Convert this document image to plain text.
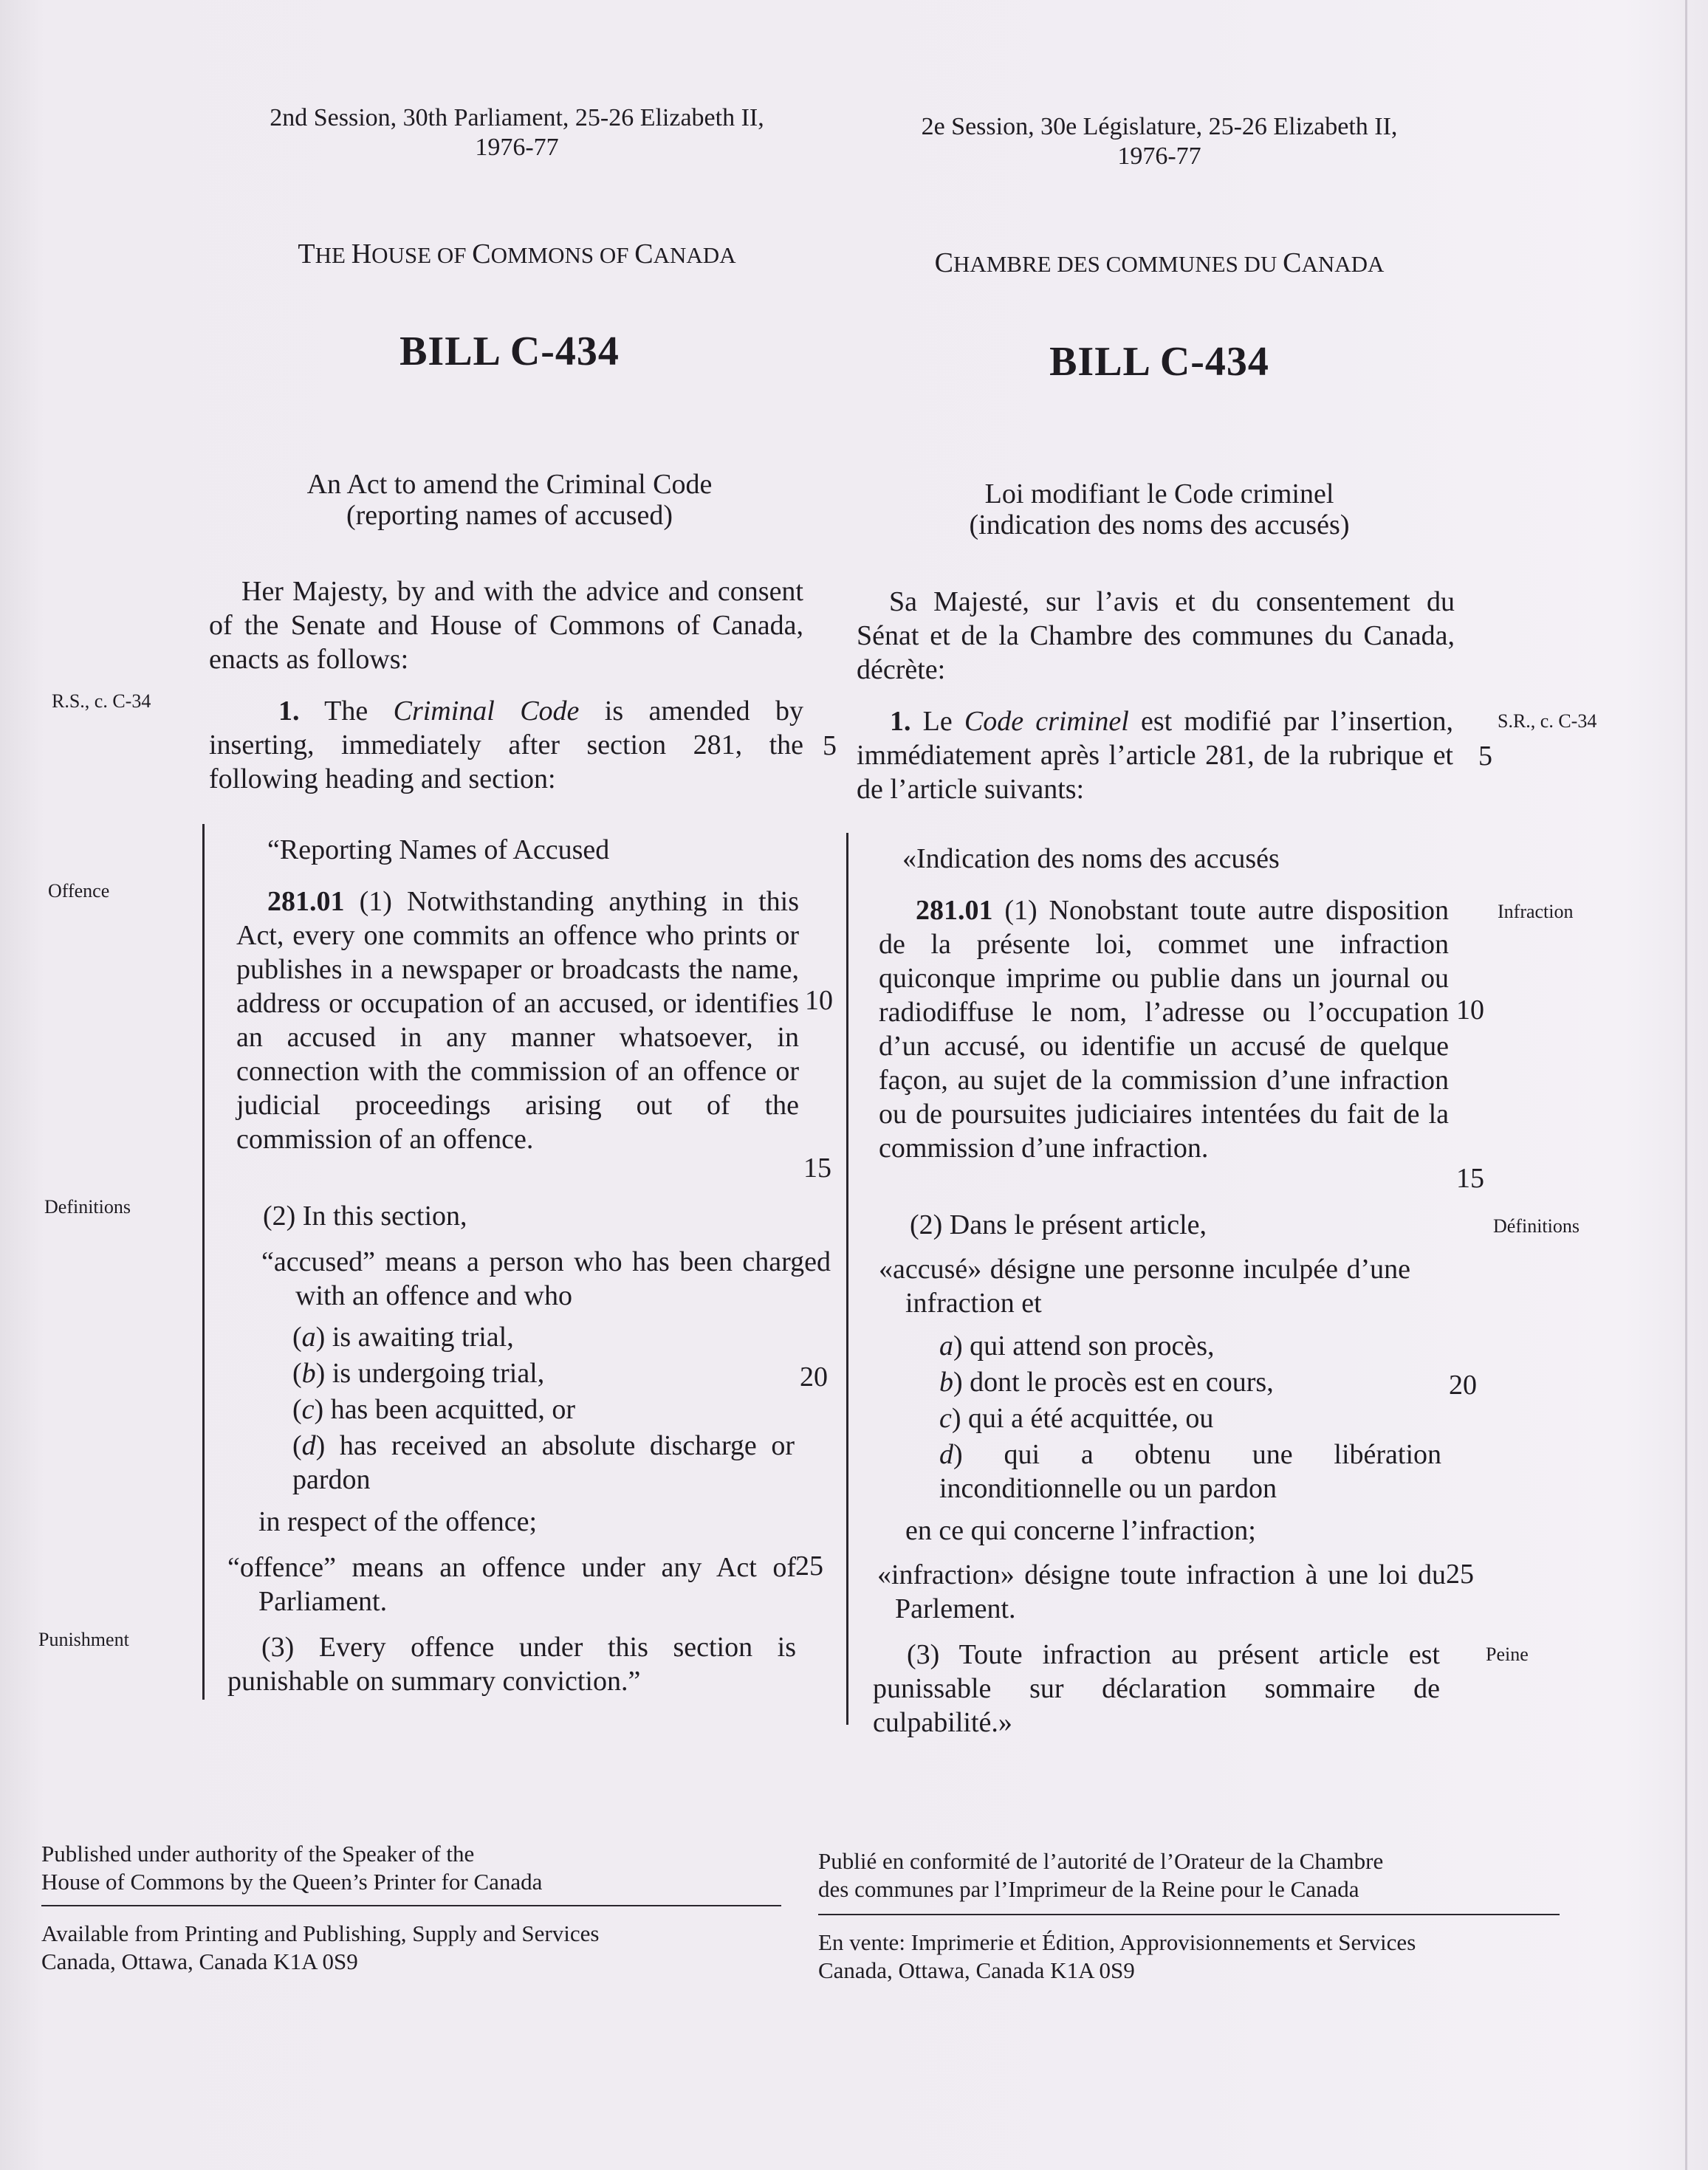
2nd Session, 30th Parliament, 25-26 Elizabeth II,
1976-77
THE HOUSE OF COMMONS OF CANADA
BILL C-434
An Act to amend the Criminal Code
(reporting names of accused)
2e Session, 30e Législature, 25-26 Elizabeth II,
1976-77
CHAMBRE DES COMMUNES DU CANADA
BILL C-434
Loi modifiant le Code criminel
(indication des noms des accusés)
Her Majesty, by and with the advice and consent of the Senate and House of Commons of Canada, enacts as follows:
1. The Criminal Code is amended by inserting, immediately after section 281, the following heading and section:
“Reporting Names of Accused
281.01 (1) Notwithstanding anything in this Act, every one commits an offence who prints or publishes in a newspaper or broadcasts the name, address or occupation of an accused, or identifies an accused in any manner whatsoever, in connection with the commission of an offence or judicial proceedings arising out of the commission of an offence.
(2) In this section,
“accused” means a person who has been charged with an offence and who
(a) is awaiting trial,
(b) is undergoing trial,
(c) has been acquitted, or
(d) has received an absolute discharge or pardon
in respect of the offence;
“offence” means an offence under any Act of Parliament.
(3) Every offence under this section is punishable on summary conviction.”
R.S., c. C-34
Offence
Definitions
Punishment
5
10
15
20
25
Sa Majesté, sur l’avis et du consentement du Sénat et de la Chambre des communes du Canada, décrète:
1. Le Code criminel est modifié par l’insertion, immédiatement après l’article 281, de la rubrique et de l’article suivants:
«Indication des noms des accusés
281.01 (1) Nonobstant toute autre disposition de la présente loi, commet une infraction quiconque imprime ou publie dans un journal ou radiodiffuse le nom, l’adresse ou l’occupation d’un accusé, ou identifie un accusé de quelque façon, au sujet de la commission d’une infraction ou de poursuites judiciaires intentées du fait de la commission d’une infraction.
(2) Dans le présent article,
«accusé» désigne une personne inculpée d’une infraction et
a) qui attend son procès,
b) dont le procès est en cours,
c) qui a été acquittée, ou
d) qui a obtenu une libération inconditionnelle ou un pardon
en ce qui concerne l’infraction;
«infraction» désigne toute infraction à une loi du Parlement.
(3) Toute infraction au présent article est punissable sur déclaration sommaire de culpabilité.»
S.R., c. C-34
Infraction
Définitions
Peine
5
10
15
20
25
Published under authority of the Speaker of the
House of Commons by the Queen’s Printer for Canada
Available from Printing and Publishing, Supply and Services
Canada, Ottawa, Canada K1A 0S9
Publié en conformité de l’autorité de l’Orateur de la Chambre
des communes par l’Imprimeur de la Reine pour le Canada
En vente: Imprimerie et Édition, Approvisionnements et Services
Canada, Ottawa, Canada K1A 0S9
